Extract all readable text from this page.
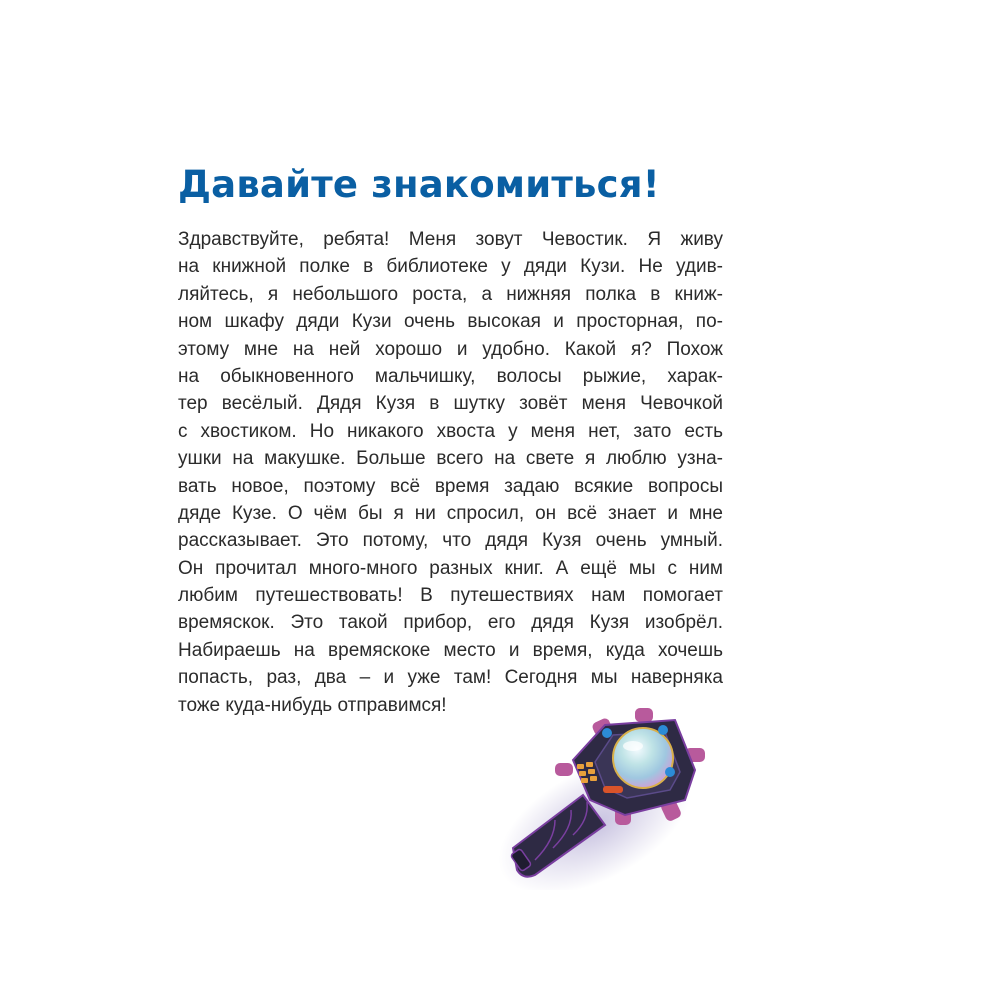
Давайте знакомиться!
Здравствуйте, ребята! Меня зовут Чевостик. Я живу
на книжной полке в библиотеке у дяди Кузи. Не удив-
ляйтесь, я небольшого роста, а нижняя полка в книж-
ном шкафу дяди Кузи очень высокая и просторная, по-
этому мне на ней хорошо и удобно. Какой я? Похож
на обыкновенного мальчишку, волосы рыжие, харак-
тер весёлый. Дядя Кузя в шутку зовёт меня Чевочкой
с хвостиком. Но никакого хвоста у меня нет, зато есть
ушки на макушке. Больше всего на свете я люблю узна-
вать новое, поэтому всё время задаю всякие вопросы
дяде Кузе. О чём бы я ни спросил, он всё знает и мне
рассказывает. Это потому, что дядя Кузя очень умный.
Он прочитал много-много разных книг. А ещё мы с ним
любим путешествовать! В путешествиях нам помогает
времяскок. Это такой прибор, его дядя Кузя изобрёл.
Набираешь на времяскоке место и время, куда хочешь
попасть, раз, два – и уже там! Сегодня мы наверняка
тоже куда-нибудь отправимся!
